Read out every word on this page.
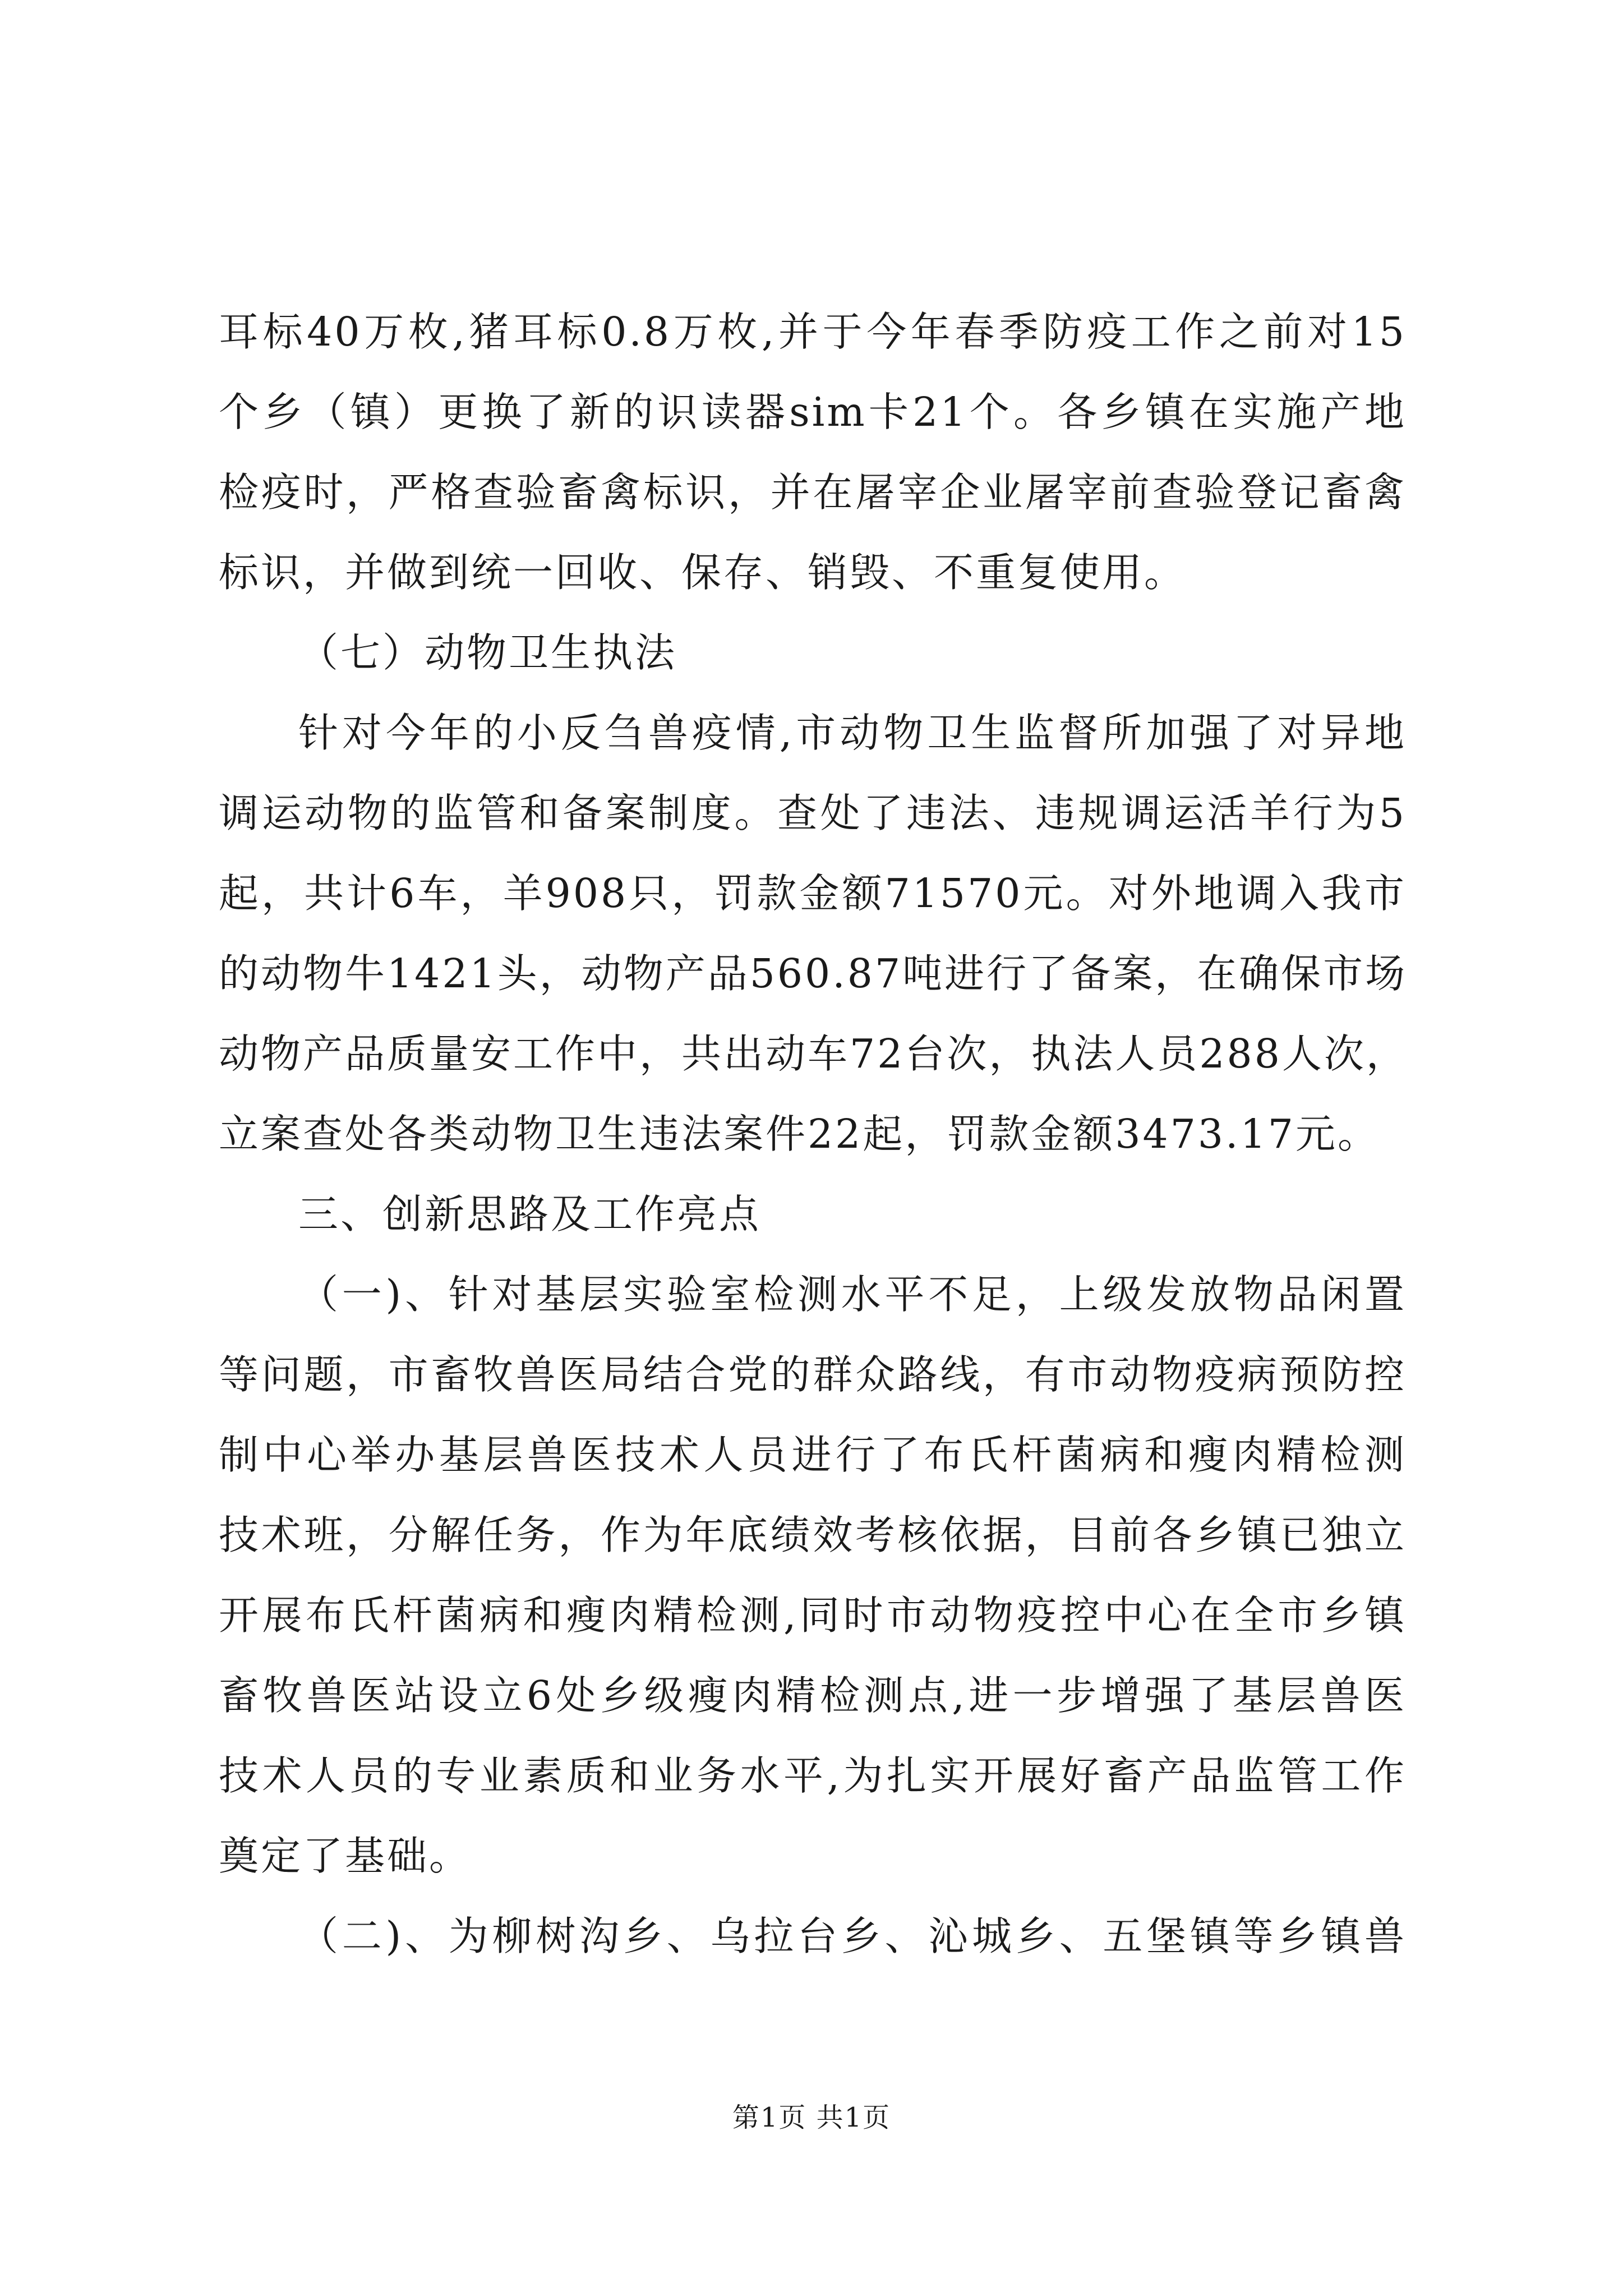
耳标40万枚,猪耳标0.8万枚,并于今年春季防疫工作之前对15
个乡（镇）更换了新的识读器sim卡21个。各乡镇在实施产地
检疫时，严格查验畜禽标识，并在屠宰企业屠宰前查验登记畜禽
标识，并做到统一回收、保存、销毁、不重复使用。
（七）动物卫生执法
针对今年的小反刍兽疫情,市动物卫生监督所加强了对异地
调运动物的监管和备案制度。查处了违法、违规调运活羊行为5
起，共计6车，羊908只，罚款金额71570元。对外地调入我市
的动物牛1421头，动物产品560.87吨进行了备案，在确保市场
动物产品质量安工作中，共出动车72台次，执法人员288人次，
立案查处各类动物卫生违法案件22起，罚款金额3473.17元。
三、创新思路及工作亮点
（一)、针对基层实验室检测水平不足，上级发放物品闲置
等问题，市畜牧兽医局结合党的群众路线，有市动物疫病预防控
制中心举办基层兽医技术人员进行了布氏杆菌病和瘦肉精检测
技术班，分解任务，作为年底绩效考核依据，目前各乡镇已独立
开展布氏杆菌病和瘦肉精检测,同时市动物疫控中心在全市乡镇
畜牧兽医站设立6处乡级瘦肉精检测点,进一步增强了基层兽医
技术人员的专业素质和业务水平,为扎实开展好畜产品监管工作
奠定了基础。
（二)、为柳树沟乡、乌拉台乡、沁城乡、五堡镇等乡镇兽
第1页 共1页
